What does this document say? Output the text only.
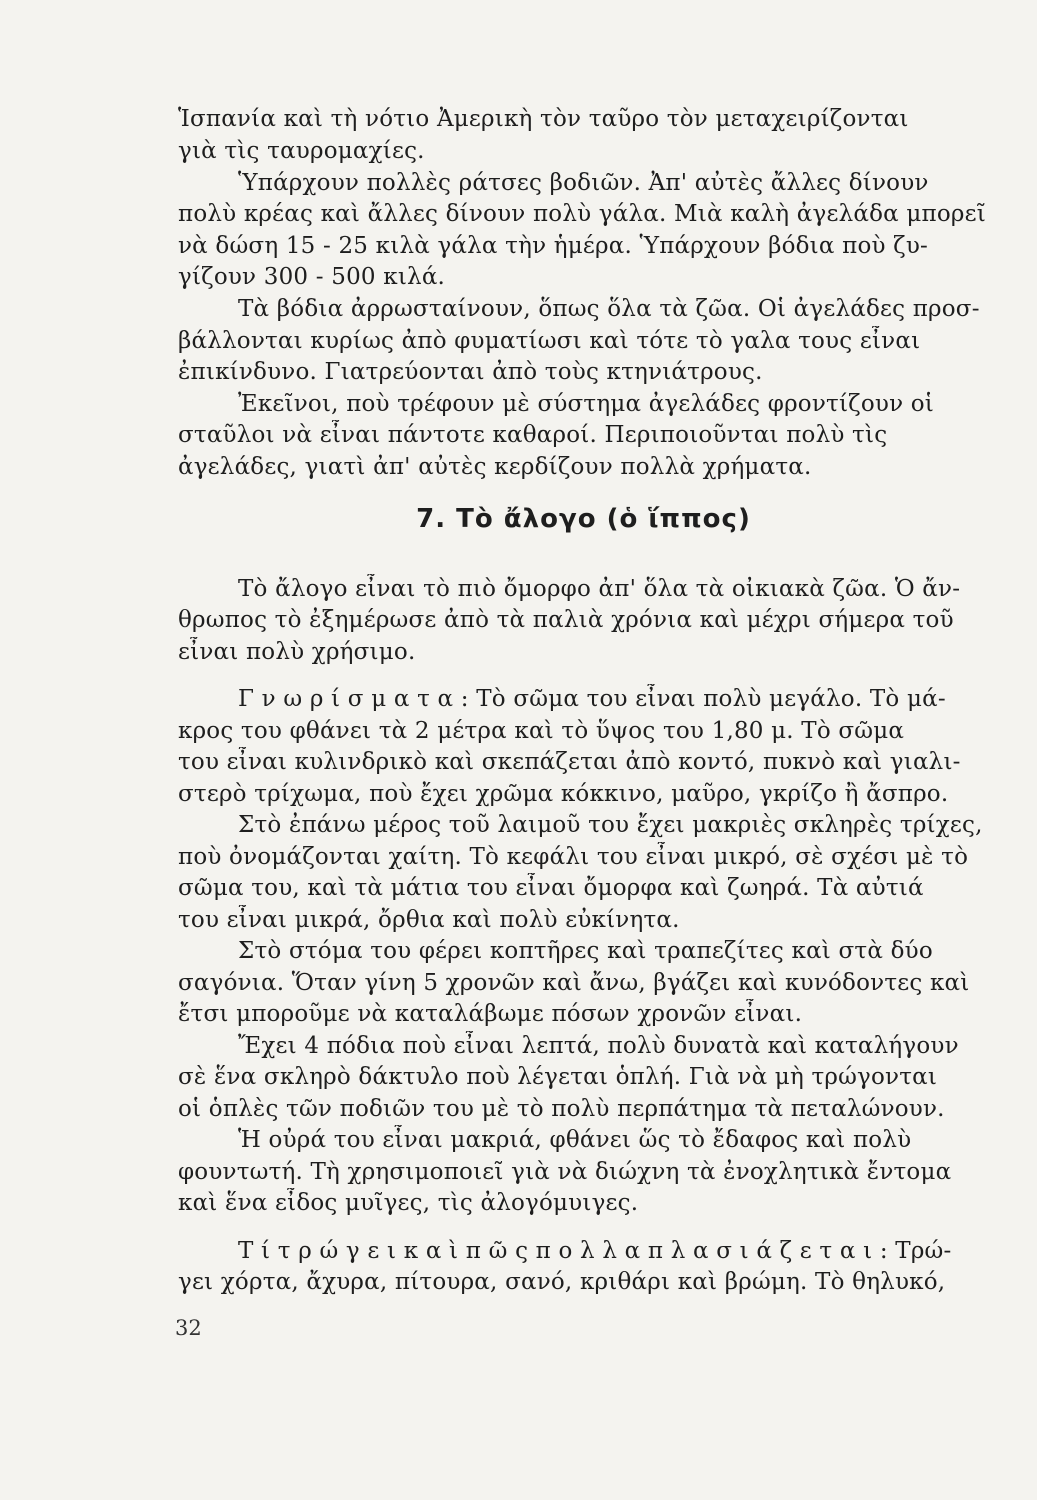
Ἱσπανία καὶ τὴ νότιο Ἀμερικὴ τὸν ταῦρο τὸν μεταχειρίζονται
γιὰ τὶς ταυρομαχίες.
Ὑπάρχουν πολλὲς ράτσες βοδιῶν. Ἀπ' αὐτὲς ἄλλες δίνουν
πολὺ κρέας καὶ ἄλλες δίνουν πολὺ γάλα. Μιὰ καλὴ ἀγελάδα μπορεῖ
νὰ δώση 15 - 25 κιλὰ γάλα τὴν ἡμέρα. Ὑπάρχουν βόδια ποὺ ζυ-
γίζουν 300 - 500 κιλά.
Τὰ βόδια ἀρρωσταίνουν, ὅπως ὅλα τὰ ζῶα. Οἱ ἀγελάδες προσ-
βάλλονται κυρίως ἀπὸ φυματίωσι καὶ τότε τὸ γαλα τους εἶναι
ἐπικίνδυνο. Γιατρεύονται ἀπὸ τοὺς κτηνιάτρους.
Ἐκεῖνοι, ποὺ τρέφουν μὲ σύστημα ἀγελάδες φροντίζουν οἱ
σταῦλοι νὰ εἶναι πάντοτε καθαροί. Περιποιοῦνται πολὺ τὶς
ἀγελάδες, γιατὶ ἀπ' αὐτὲς κερδίζουν πολλὰ χρήματα.
7. Τὸ ἄλογο (ὁ ἵππος)
Τὸ ἄλογο εἶναι τὸ πιὸ ὄμορφο ἀπ' ὅλα τὰ οἰκιακὰ ζῶα. Ὁ ἄν-
θρωπος τὸ ἐξημέρωσε ἀπὸ τὰ παλιὰ χρόνια καὶ μέχρι σήμερα τοῦ
εἶναι πολὺ χρήσιμο.
Γ ν ω ρ ί σ μ α τ α : Τὸ σῶμα του εἶναι πολὺ μεγάλο. Τὸ μά-
κρος του φθάνει τὰ 2 μέτρα καὶ τὸ ὕψος του 1,80 μ. Τὸ σῶμα
του εἶναι κυλινδρικὸ καὶ σκεπάζεται ἀπὸ κοντό, πυκνὸ καὶ γιαλι-
στερὸ τρίχωμα, ποὺ ἔχει χρῶμα κόκκινο, μαῦρο, γκρίζο ἢ ἄσπρο.
Στὸ ἐπάνω μέρος τοῦ λαιμοῦ του ἔχει μακριὲς σκληρὲς τρίχες,
ποὺ ὀνομάζονται χαίτη. Τὸ κεφάλι του εἶναι μικρό, σὲ σχέσι μὲ τὸ
σῶμα του, καὶ τὰ μάτια του εἶναι ὄμορφα καὶ ζωηρά. Τὰ αὐτιά
του εἶναι μικρά, ὄρθια καὶ πολὺ εὐκίνητα.
Στὸ στόμα του φέρει κοπτῆρες καὶ τραπεζίτες καὶ στὰ δύο
σαγόνια. Ὅταν γίνη 5 χρονῶν καὶ ἄνω, βγάζει καὶ κυνόδοντες καὶ
ἔτσι μποροῦμε νὰ καταλάβωμε πόσων χρονῶν εἶναι.
Ἔχει 4 πόδια ποὺ εἶναι λεπτά, πολὺ δυνατὰ καὶ καταλήγουν
σὲ ἕνα σκληρὸ δάκτυλο ποὺ λέγεται ὁπλή. Γιὰ νὰ μὴ τρώγονται
οἱ ὁπλὲς τῶν ποδιῶν του μὲ τὸ πολὺ περπάτημα τὰ πεταλώνουν.
Ἡ οὐρά του εἶναι μακριά, φθάνει ὥς τὸ ἔδαφος καὶ πολὺ
φουντωτή. Τὴ χρησιμοποιεῖ γιὰ νὰ διώχνη τὰ ἐνοχλητικὰ ἔντομα
καὶ ἕνα εἶδος μυῖγες, τὶς ἀλογόμυιγες.
Τ ί τ ρ ώ γ ε ι κ α ὶ π ῶ ς π ο λ λ α π λ α σ ι ά ζ ε τ α ι : Τρώ-
γει χόρτα, ἄχυρα, πίτουρα, σανό, κριθάρι καὶ βρώμη. Τὸ θηλυκό,
32
